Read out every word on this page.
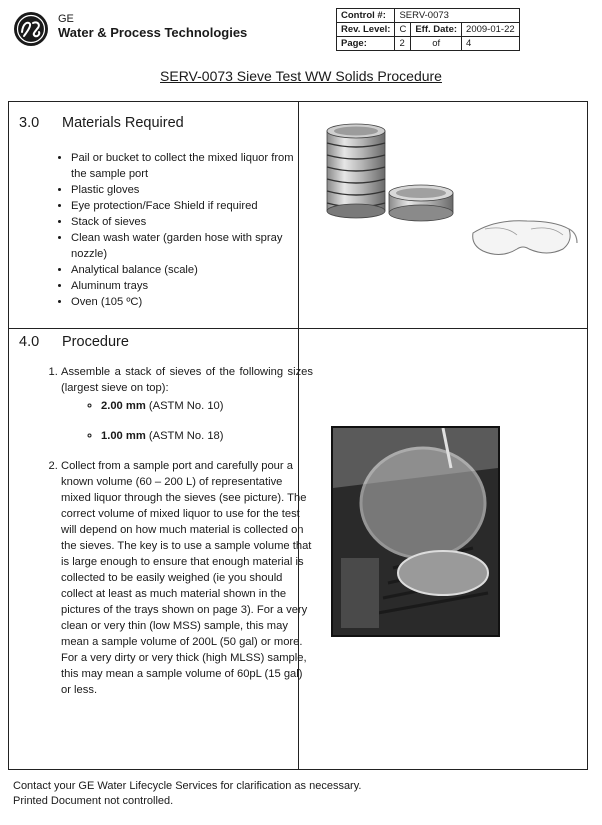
GE
Water & Process Technologies
Control #:	SERV-0073		
Rev. Level:	C	Eff. Date:	2009-01-22
Page:	2	of	4
SERV-0073 Sieve Test WW Solids Procedure
3.0 Materials Required
• Pail or bucket to collect the mixed liquor from the sample port
• Plastic gloves
• Eye protection/Face Shield if required
• Stack of sieves
• Clean wash water (garden hose with spray nozzle)
• Analytical balance (scale)
• Aluminum trays
• Oven (105 ºC)
4.0 Procedure

1. Assemble a stack of sieves of the following sizes (largest sieve on top):

◦ 2.00 mm (ASTM No. 10)
◦ 1.00 mm (ASTM No. 18)

2. Collect from a sample port and carefully pour a known volume (60 – 200 L) of representative mixed liquor through the sieves (see picture). The correct volume of mixed liquor to use for the test will depend on how much material is collected on the sieves. The key is to use a sample volume that is large enough to ensure that enough material is collected to be easily weighed (ie you should collect at least as much material shown in the pictures of the trays shown on page 3). For a very clean or very thin (low MSS) sample, this may mean a sample volume of 200L (50 gal) or more. For a very dirty or very thick (high MLSS) sample, this may mean a sample volume of 60pL (15 gal) or less.

Contact your GE Water Lifecycle Services for clarification as necessary.
Printed Document not controlled.
